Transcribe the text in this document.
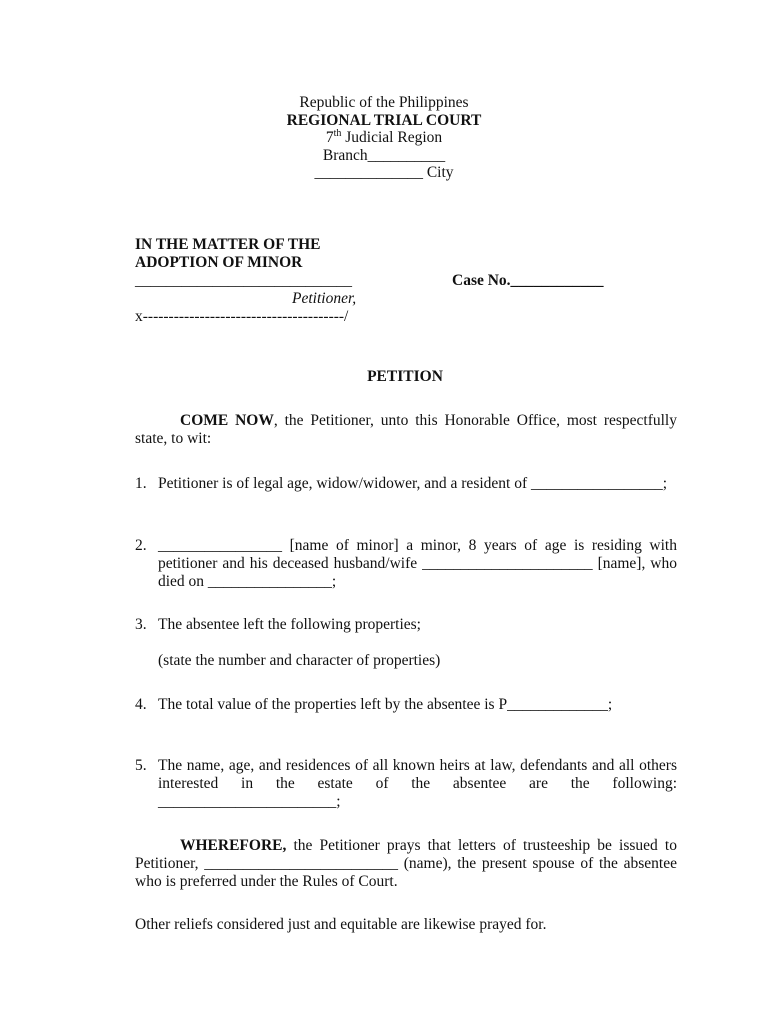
Republic of the Philippines
REGIONAL TRIAL COURT
7th Judicial Region
Branch__________
______________ City
IN THE MATTER OF THE
ADOPTION OF MINOR
____________________________	Case No.____________
Petitioner,
x---------------------------------------/
PETITION
COME NOW, the Petitioner, unto this Honorable Office, most respectfully state, to wit:
1. Petitioner is of legal age, widow/widower, and a resident of _________________;
2. ________________ [name of minor] a minor, 8 years of age is residing with petitioner and his deceased husband/wife ______________________ [name], who died on ________________;
3. The absentee left the following properties;
(state the number and character of properties)
4. The total value of the properties left by the absentee is P_____________;
5. The name, age, and residences of all known heirs at law, defendants and all others interested in the estate of the absentee are the following: _______________________;
WHEREFORE, the Petitioner prays that letters of trusteeship be issued to Petitioner, _________________________ (name), the present spouse of the absentee who is preferred under the Rules of Court.
Other reliefs considered just and equitable are likewise prayed for.
